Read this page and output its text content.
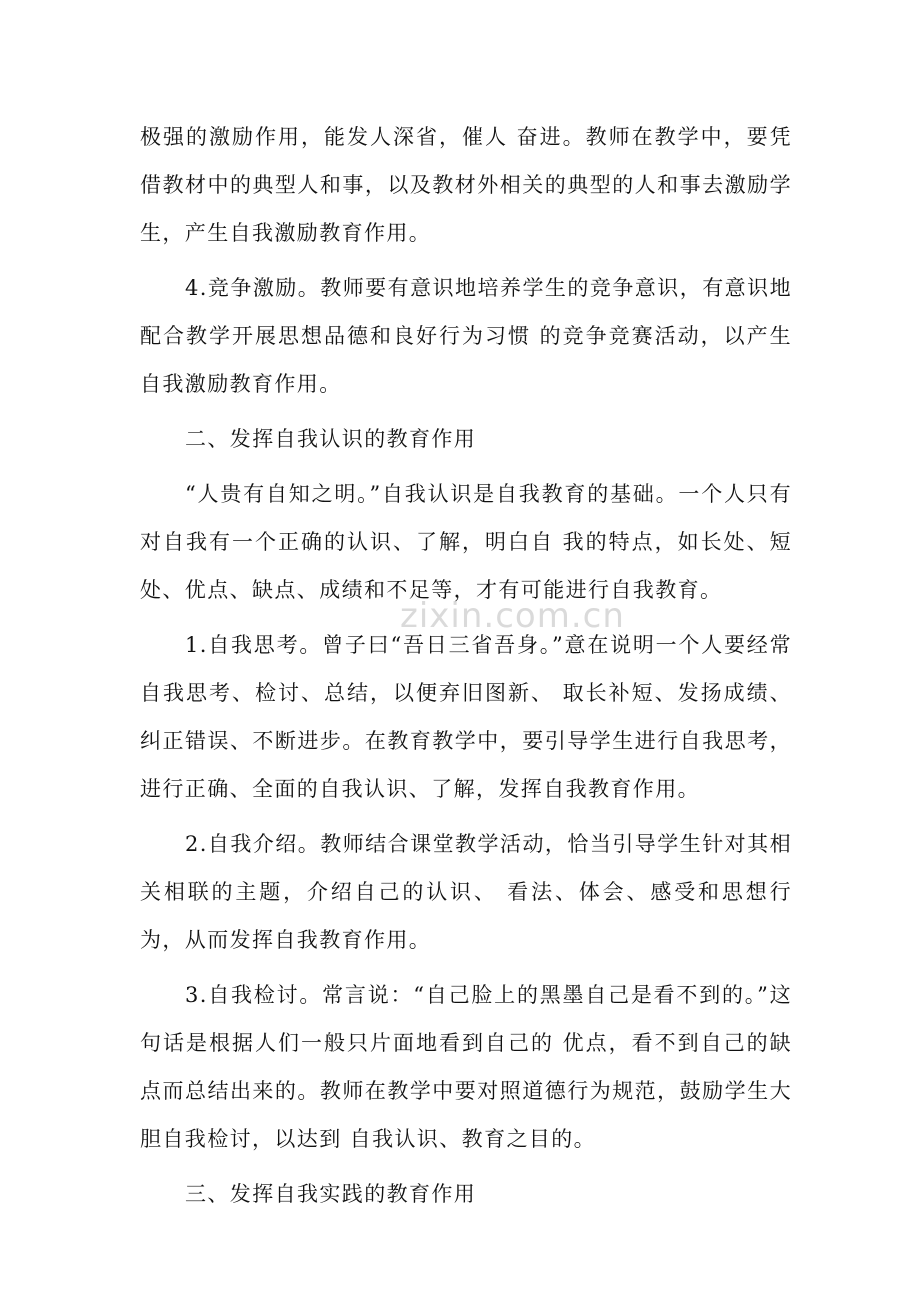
极强的激励作用，能发人深省，催人 奋进。教师在教学中，要凭借教材中的典型人和事，以及教材外相关的典型的人和事去激励学生，产生自我激励教育作用。

4.竞争激励。教师要有意识地培养学生的竞争意识，有意识地配合教学开展思想品德和良好行为习惯 的竞争竞赛活动，以产生自我激励教育作用。

二、发挥自我认识的教育作用

“人贵有自知之明。”自我认识是自我教育的基础。一个人只有对自我有一个正确的认识、了解，明白自 我的特点，如长处、短处、优点、缺点、成绩和不足等，才有可能进行自我教育。

1.自我思考。曾子曰“吾日三省吾身。”意在说明一个人要经常自我思考、检讨、总结，以便弃旧图新、 取长补短、发扬成绩、纠正错误、不断进步。在教育教学中，要引导学生进行自我思考，进行正确、全面的自我认识、了解，发挥自我教育作用。

2.自我介绍。教师结合课堂教学活动，恰当引导学生针对其相关相联的主题，介绍自己的认识、 看法、体会、感受和思想行为，从而发挥自我教育作用。

3.自我检讨。常言说：“自己脸上的黑墨自己是看不到的。”这句话是根据人们一般只片面地看到自己的 优点，看不到自己的缺点而总结出来的。教师在教学中要对照道德行为规范，鼓励学生大胆自我检讨，以达到 自我认识、教育之目的。

三、发挥自我实践的教育作用

zixin.com.cn
